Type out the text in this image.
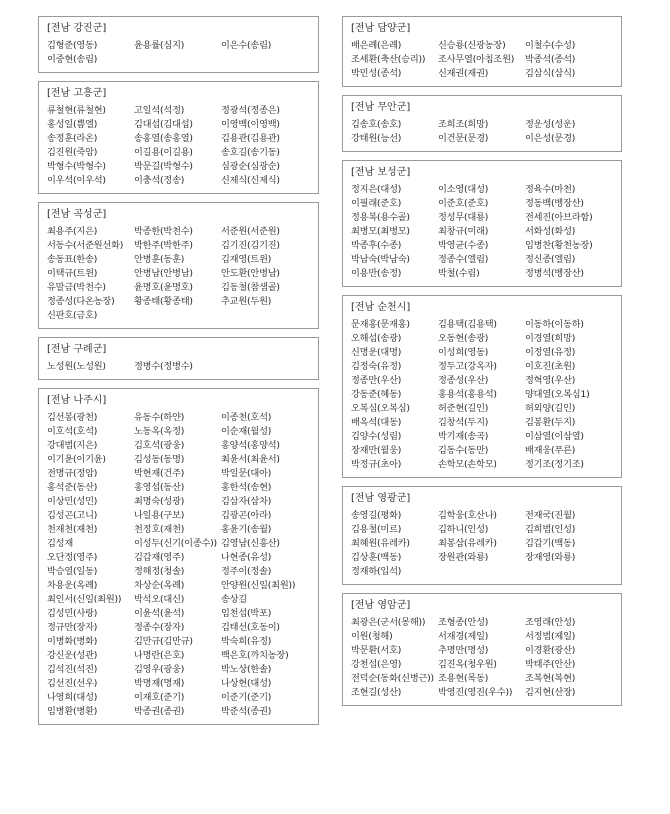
[전남 강진군]
김형준(영동)	윤용률(심지)	이은수(송림)
이중현(송림)
[전남 고흥군]
류철현(류철현)	고일석(석정)	정광석(정종은)
홍성일(쁨엘)	김대섭(김대섭)	이영백(이영백)
송정훈(라온)	송홍열(송홍열)	김용관(김용관)
김진원(죽암)	이길용(이길용)	송호길(송기동)
박형수(박형수)	박문길(박형수)	심광순(심광순)
이우석(이우석)	이충석(정송)	신제식(신제식)
[전남 곡성군]
최용주(지은)	박종한(박천수)	서준원(서준원)
서동수(서준원선화)	박한주(박한주)	김기진(김기진)
송동표(한송)	안병훈(동훈)	김재영(트윈)
이택규(트윈)	안병남(안병남)	안도환(안병남)
유말금(박천수)	윤명호(윤명호)	김동철(참샘골)
정종성(다온농장)	황종태(황종태)	추교원(두원)
신판호(금호)
[전남 구례군]
노성원(노성원)	정병수(정병수)
[전남 나주시]
김선봉(광천)	유동수(하얀)	이종천(호석)
이호석(호석)	노동옥(옥정)	이순재(월성)
강대범(지은)	김호석(광웅)	홍양석(홍양석)
이기윤(이기윤)	김성동(동명)	최윤서(최윤서)
전명규(정암)	박현재(건주)	박일문(대아)
홍석준(동산)	홍영섭(동산)	홍한석(송현)
이상민(성민)	최명숙(성광)	김삼자(삼차)
김성곤(고니)	나일용(구보)	김광곤(아라)
천재천(재천)	천정호(재천)	홍윤기(송월)
김성재	이성두(신기(이종수)) 김영남(신흥산)
오단정(영주)	김갑재(영주)	나현종(유성)
박승열(일동)	정해정(청솔)	정주이(정솔)
차용운(옥례)	차상순(옥례)	안양원(신일(최원))
최인서(신일(최원))	박석오(대신)	송상길
김성민(사랑)	이윤석(윤석)	임천섭(박포)
정규만(장자)	정종수(장자)	김태선(호동이)
이병화(병화)	김만규(김만규)	박숙희(유정)
강신운(성관)	나명란(은호)	백은호(까치농장)
김석진(석진)	김영우(광웅)	박노상(한솔)
김선진(선우)	박명재(명재)	나상현(대성)
나영희(대성)	이재호(준기)	이준기(준기)
임병환(병환)	박종권(종권)	박준석(종권)
[전남 담양군]
배은례(은례)	신승룡(신광농장)	이철수(수성)
조세환(축산(승리))	조사무열(아침조원)	박종석(종석)
박민성(종석)	신재권(재권)	김삼식(삼식)
[전남 무안군]
김송호(송호)	조희조(희망)	정운성(성운)
강태원(능선)	이건문(문경)	이은성(문경)
[전남 보성군]
정지은(대성)	이소영(대성)	정육수(마천)
이필래(준호)	이준호(준호)	정동백(벵장산)
정용복(용수골)	정성무(대룡)	전세진(아브라함)
최병모(최병모)	최창규(미래)	서화성(화성)
박종후(수종)	박영균(수종)	임병찬(황천농장)
박남숙(박남숙)	정종수(엘림)	정신종(엘림)
이용만(송정)	박철(수림)	정병석(벵장산)
[전남 순천시]
문재홍(문재홍)	김용택(김용택)	이동하(이동하)
오해섭(송광)	오동현(송광)	이경열(희망)
신명운(대명)	이성희(영동)	이정열(유정)
김정숙(유정)	정두고(강옥자)	이호진(초원)
정종만(우산)	정종성(우산)	정혁영(우산)
강동준(혜동)	홍용석(홍용석)	양대열(오복심1)
오복심(오복심)	허준현(길인)	허외양(길인)
배옥석(대동)	김창석(두지)	김봉환(두지)
김양수(성림)	박기재(송곡)	이삼열(이삼열)
장재만(월웅)	김동수(동만)	배재웅(푸른)
박정규(초아)	손학모(손학모)	정기조(정기조)
[전남 영광군]
송영길(평화)	김학웅(호산나)	전재국(진월)
김용철(미르)	김하니(인성)	김희범(인성)
최혜원(유레카)	최봉삼(유레카)	김갑기(백동)
김상훈(백동)	장원관(와룡)	장재영(와룡)
정재하(입석)
[전남 영암군]
최광은(군서(몽해))	조형종(안성)	조영래(안성)
이원(청해)	서재경(제일)	서정범(제일)
박문환(서호)	추명만(명성)	이경환(광산)
강천섭(은영)	김진옥(청우원)	박태주(안산)
전덕순(동화(신병근)) 조용현(목동)	조복현(복현)
조현길(성산)	박영진(영진(우수))	김지현(산장)
